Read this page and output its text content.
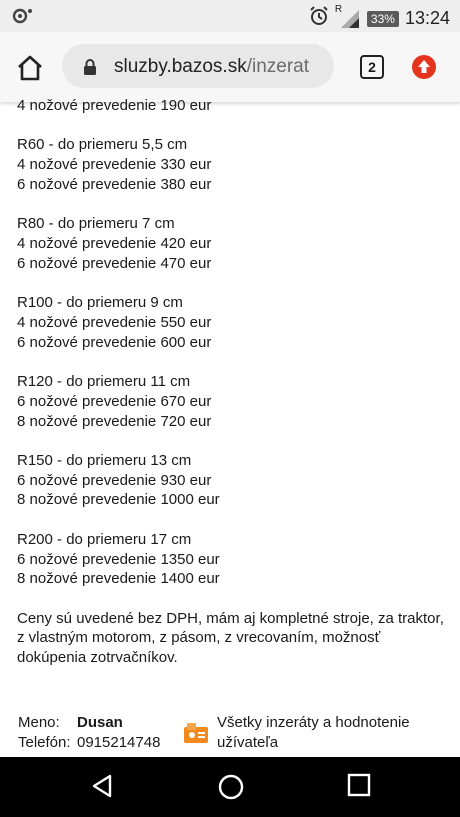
R
33% 13:24
sluzby.bazos.sk/inzerat	2
4 nožové prevedenie 190 eur
R60 - do priemeru 5,5 cm
4 nožové prevedenie 330 eur
6 nožové prevedenie 380 eur
R80 - do priemeru 7 cm
4 nožové prevedenie 420 eur
6 nožové prevedenie 470 eur
R100 - do priemeru 9 cm
4 nožové prevedenie 550 eur
6 nožové prevedenie 600 eur
R120 - do priemeru 11 cm
6 nožové prevedenie 670 eur
8 nožové prevedenie 720 eur
R150 - do priemeru 13 cm
6 nožové prevedenie 930 eur
8 nožové prevedenie 1000 eur
R200 - do priemeru 17 cm
6 nožové prevedenie 1350 eur
8 nožové prevedenie 1400 eur
Ceny sú uvedené bez DPH, mám aj kompletné stroje, za traktor, z vlastným motorom, z pásom, z vrecovaním, možnosť dokúpenia zotrvačníkov.
Meno:	Dusan
Telefón: 0915214748
Všetky inzeráty a hodnotenie užívateľa
